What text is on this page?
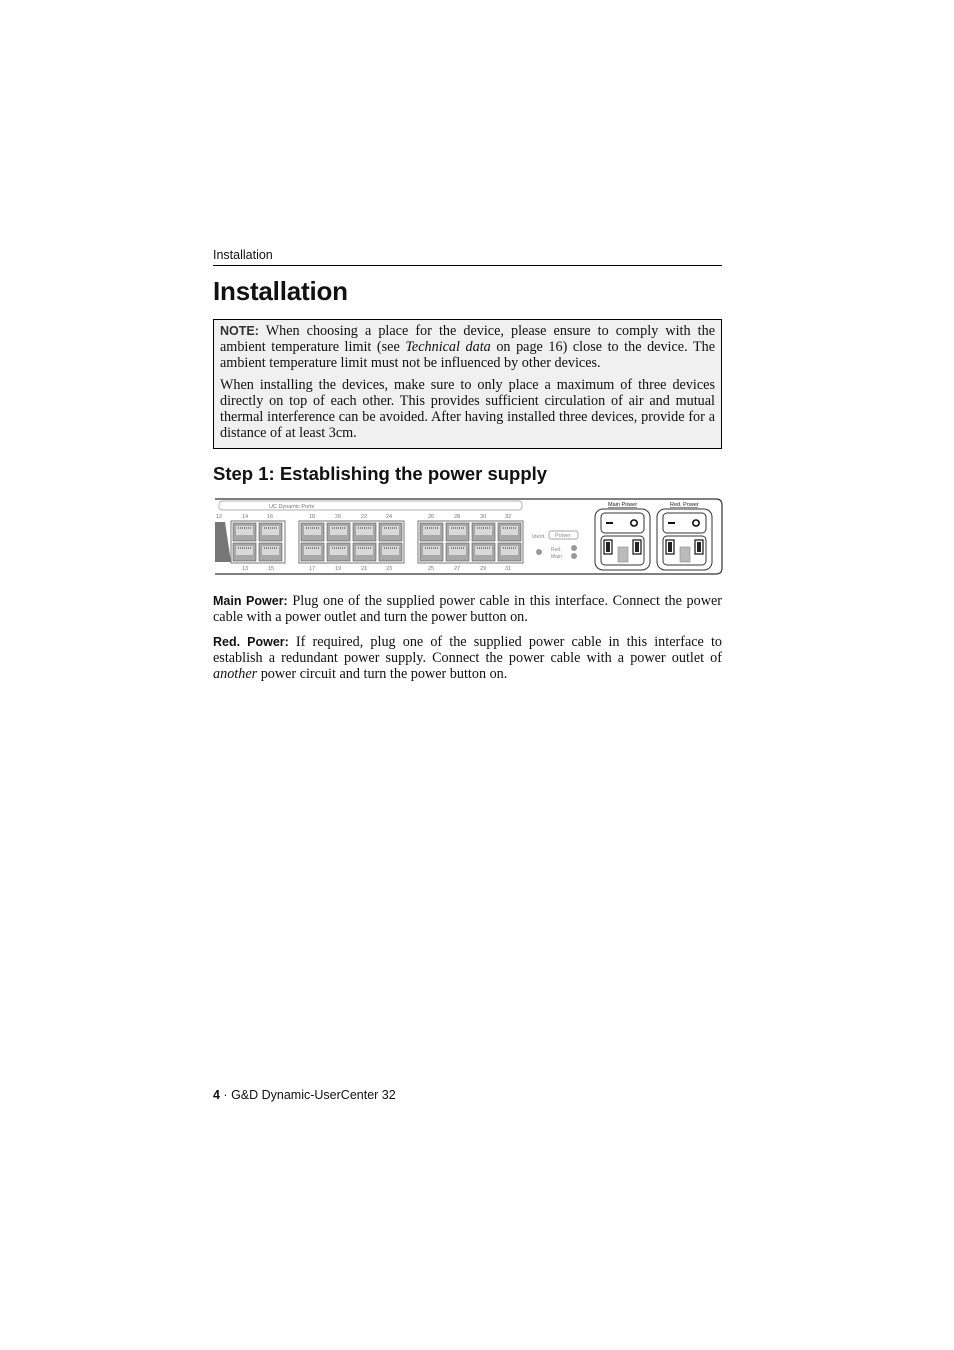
Installation
Installation

NOTE: When choosing a place for the device, please ensure to comply with the ambient temperature limit (see Technical data on page 16) close to the device. The ambient temperature limit must not be influenced by other devices.

When installing the devices, make sure to only place a maximum of three devices directly on top of each other. This provides sufficient circulation of air and mutual thermal interference can be avoided. After having installed three devices, provide for a distance of at least 3cm.

Step 1: Establishing the power supply
UC Dynamic Ports
12	14	16	18	20	22	24	26	28	30	32
13	15	17	19	21	23	25	27	29	31
Ident. Power
Red.
Main
Main Power	Red. Power

Main Power: Plug one of the supplied power cable in this interface. Connect the power cable with a power outlet and turn the power button on.

Red. Power: If required, plug one of the supplied power cable in this interface to establish a redundant power supply. Connect the power cable with a power outlet of another power circuit and turn the power button on.

4 · G&D Dynamic-UserCenter 32
